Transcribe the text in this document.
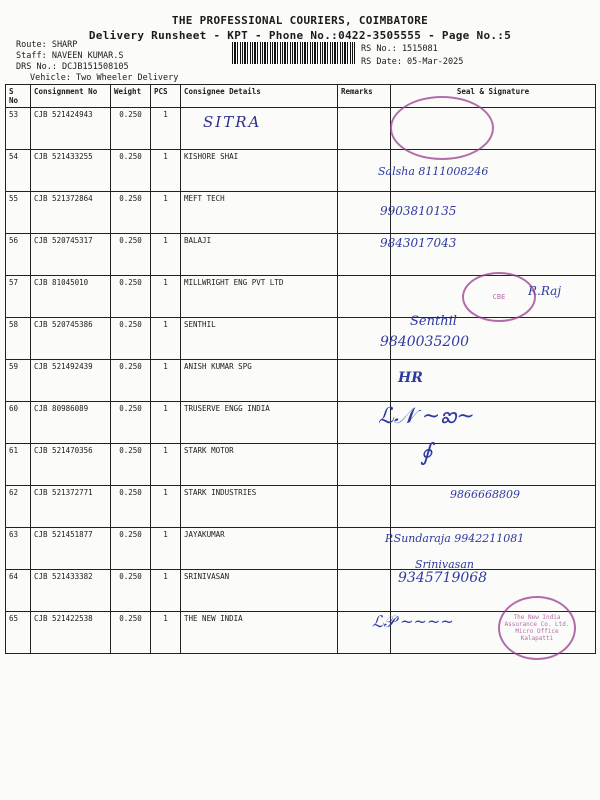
THE PROFESSIONAL COURIERS, COIMBATORE
Delivery Runsheet - KPT - Phone No.:0422-3505555 - Page No.:5
Route: SHARP
Staff: NAVEEN KUMAR.S
DRS No.: DCJB151508105
Vehicle: Two Wheeler Delivery
RS No.: 1515081
RS Date: 05-Mar-2025
S No	Consignment No	Weight	PCS	Consignee Details	Remarks	Seal & Signature
53	CJB 521424943	0.250	1			
54	CJB 521433255	0.250	1	KISHORE SHAI		
55	CJB 521372864	0.250	1	MEFT TECH		
56	CJB 520745317	0.250	1	BALAJI		
57	CJB 81045010	0.250	1	MILLWRIGHT ENG PVT LTD		
58	CJB 520745386	0.250	1	SENTHIL		
59	CJB 521492439	0.250	1	ANISH KUMAR SPG		
60	CJB 80986089	0.250	1	TRUSERVE ENGG INDIA		
61	CJB 521470356	0.250	1	STARK MOTOR		
62	CJB 521372771	0.250	1	STARK INDUSTRIES		
63	CJB 521451877	0.250	1	JAYAKUMAR		
64	CJB 521433382	0.250	1	SRINIVASAN		
65	CJB 521422538	0.250	1	THE NEW INDIA		
SITRA
Salsha 8111008246
9903810135
9843017043
R.Raj
Senthil
9840035200
HR
ℒ𝒩 ~ఐ~
∮
9866668809
P.Sundaraja 9942211081
Srinivasan
9345719068
ℒ𝒫 ~~~~
CBE
The New India Assurance Co. Ltd. Micro Office Kalapatti
